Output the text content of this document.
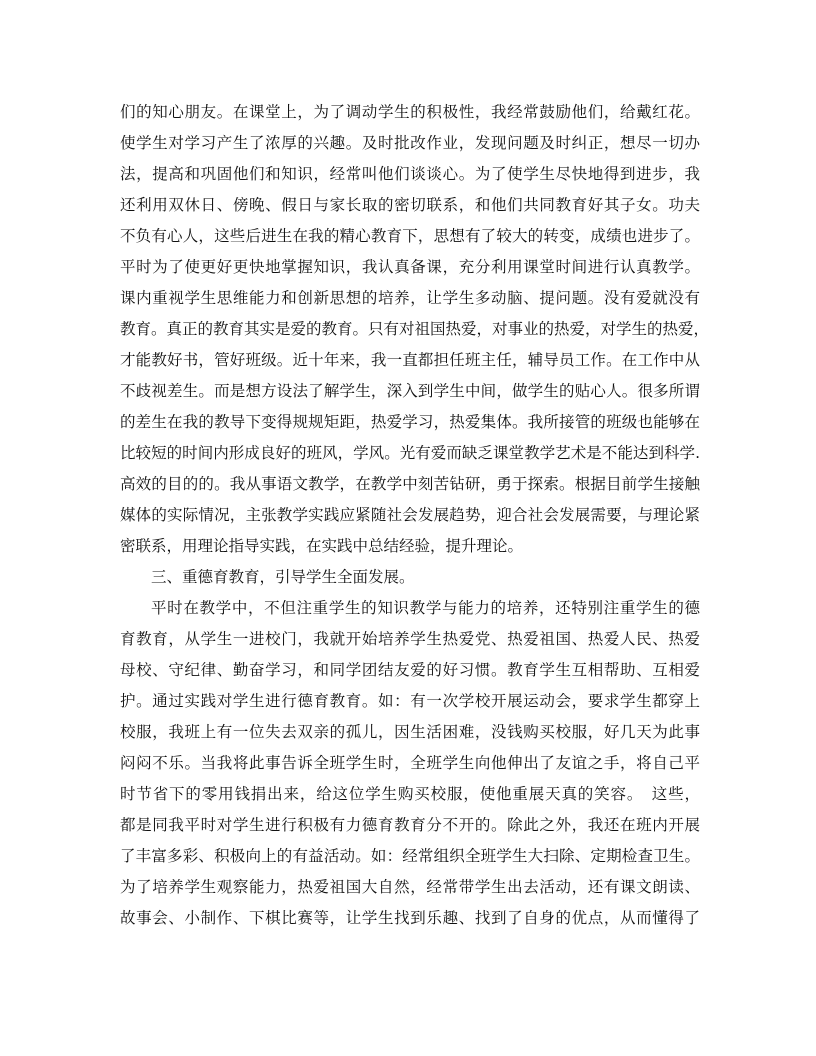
们的知心朋友。在课堂上，为了调动学生的积极性，我经常鼓励他们，给戴红花。
使学生对学习产生了浓厚的兴趣。及时批改作业，发现问题及时纠正，想尽一切办
法，提高和巩固他们和知识，经常叫他们谈谈心。为了使学生尽快地得到进步，我
还利用双休日、傍晚、假日与家长取的密切联系，和他们共同教育好其子女。功夫
不负有心人，这些后进生在我的精心教育下，思想有了较大的转变，成绩也进步了。
平时为了使更好更快地掌握知识，我认真备课，充分利用课堂时间进行认真教学。
课内重视学生思维能力和创新思想的培养，让学生多动脑、提问题。没有爱就没有
教育。真正的教育其实是爱的教育。只有对祖国热爱，对事业的热爱，对学生的热爱，
才能教好书，管好班级。近十年来，我一直都担任班主任，辅导员工作。在工作中从
不歧视差生。而是想方设法了解学生，深入到学生中间，做学生的贴心人。很多所谓
的差生在我的教导下变得规规矩距，热爱学习，热爱集体。我所接管的班级也能够在
比较短的时间内形成良好的班风，学风。光有爱而缺乏课堂教学艺术是不能达到科学.
高效的目的的。我从事语文教学，在教学中刻苦钻研，勇于探索。根据目前学生接触
媒体的实际情况，主张教学实践应紧随社会发展趋势，迎合社会发展需要，与理论紧
密联系，用理论指导实践，在实践中总结经验，提升理论。
三、重德育教育，引导学生全面发展。
平时在教学中，不但注重学生的知识教学与能力的培养，还特别注重学生的德
育教育，从学生一进校门，我就开始培养学生热爱党、热爱祖国、热爱人民、热爱
母校、守纪律、勤奋学习，和同学团结友爱的好习惯。教育学生互相帮助、互相爱
护。通过实践对学生进行德育教育。如：有一次学校开展运动会，要求学生都穿上
校服，我班上有一位失去双亲的孤儿，因生活困难，没钱购买校服，好几天为此事
闷闷不乐。当我将此事告诉全班学生时，全班学生向他伸出了友谊之手，将自己平
时节省下的零用钱捐出来，给这位学生购买校服，使他重展天真的笑容。　这些，
都是同我平时对学生进行积极有力德育教育分不开的。除此之外，我还在班内开展
了丰富多彩、积极向上的有益活动。如：经常组织全班学生大扫除、定期检查卫生。
为了培养学生观察能力，热爱祖国大自然，经常带学生出去活动，还有课文朗读、
故事会、小制作、下棋比赛等，让学生找到乐趣、找到了自身的优点，从而懂得了
